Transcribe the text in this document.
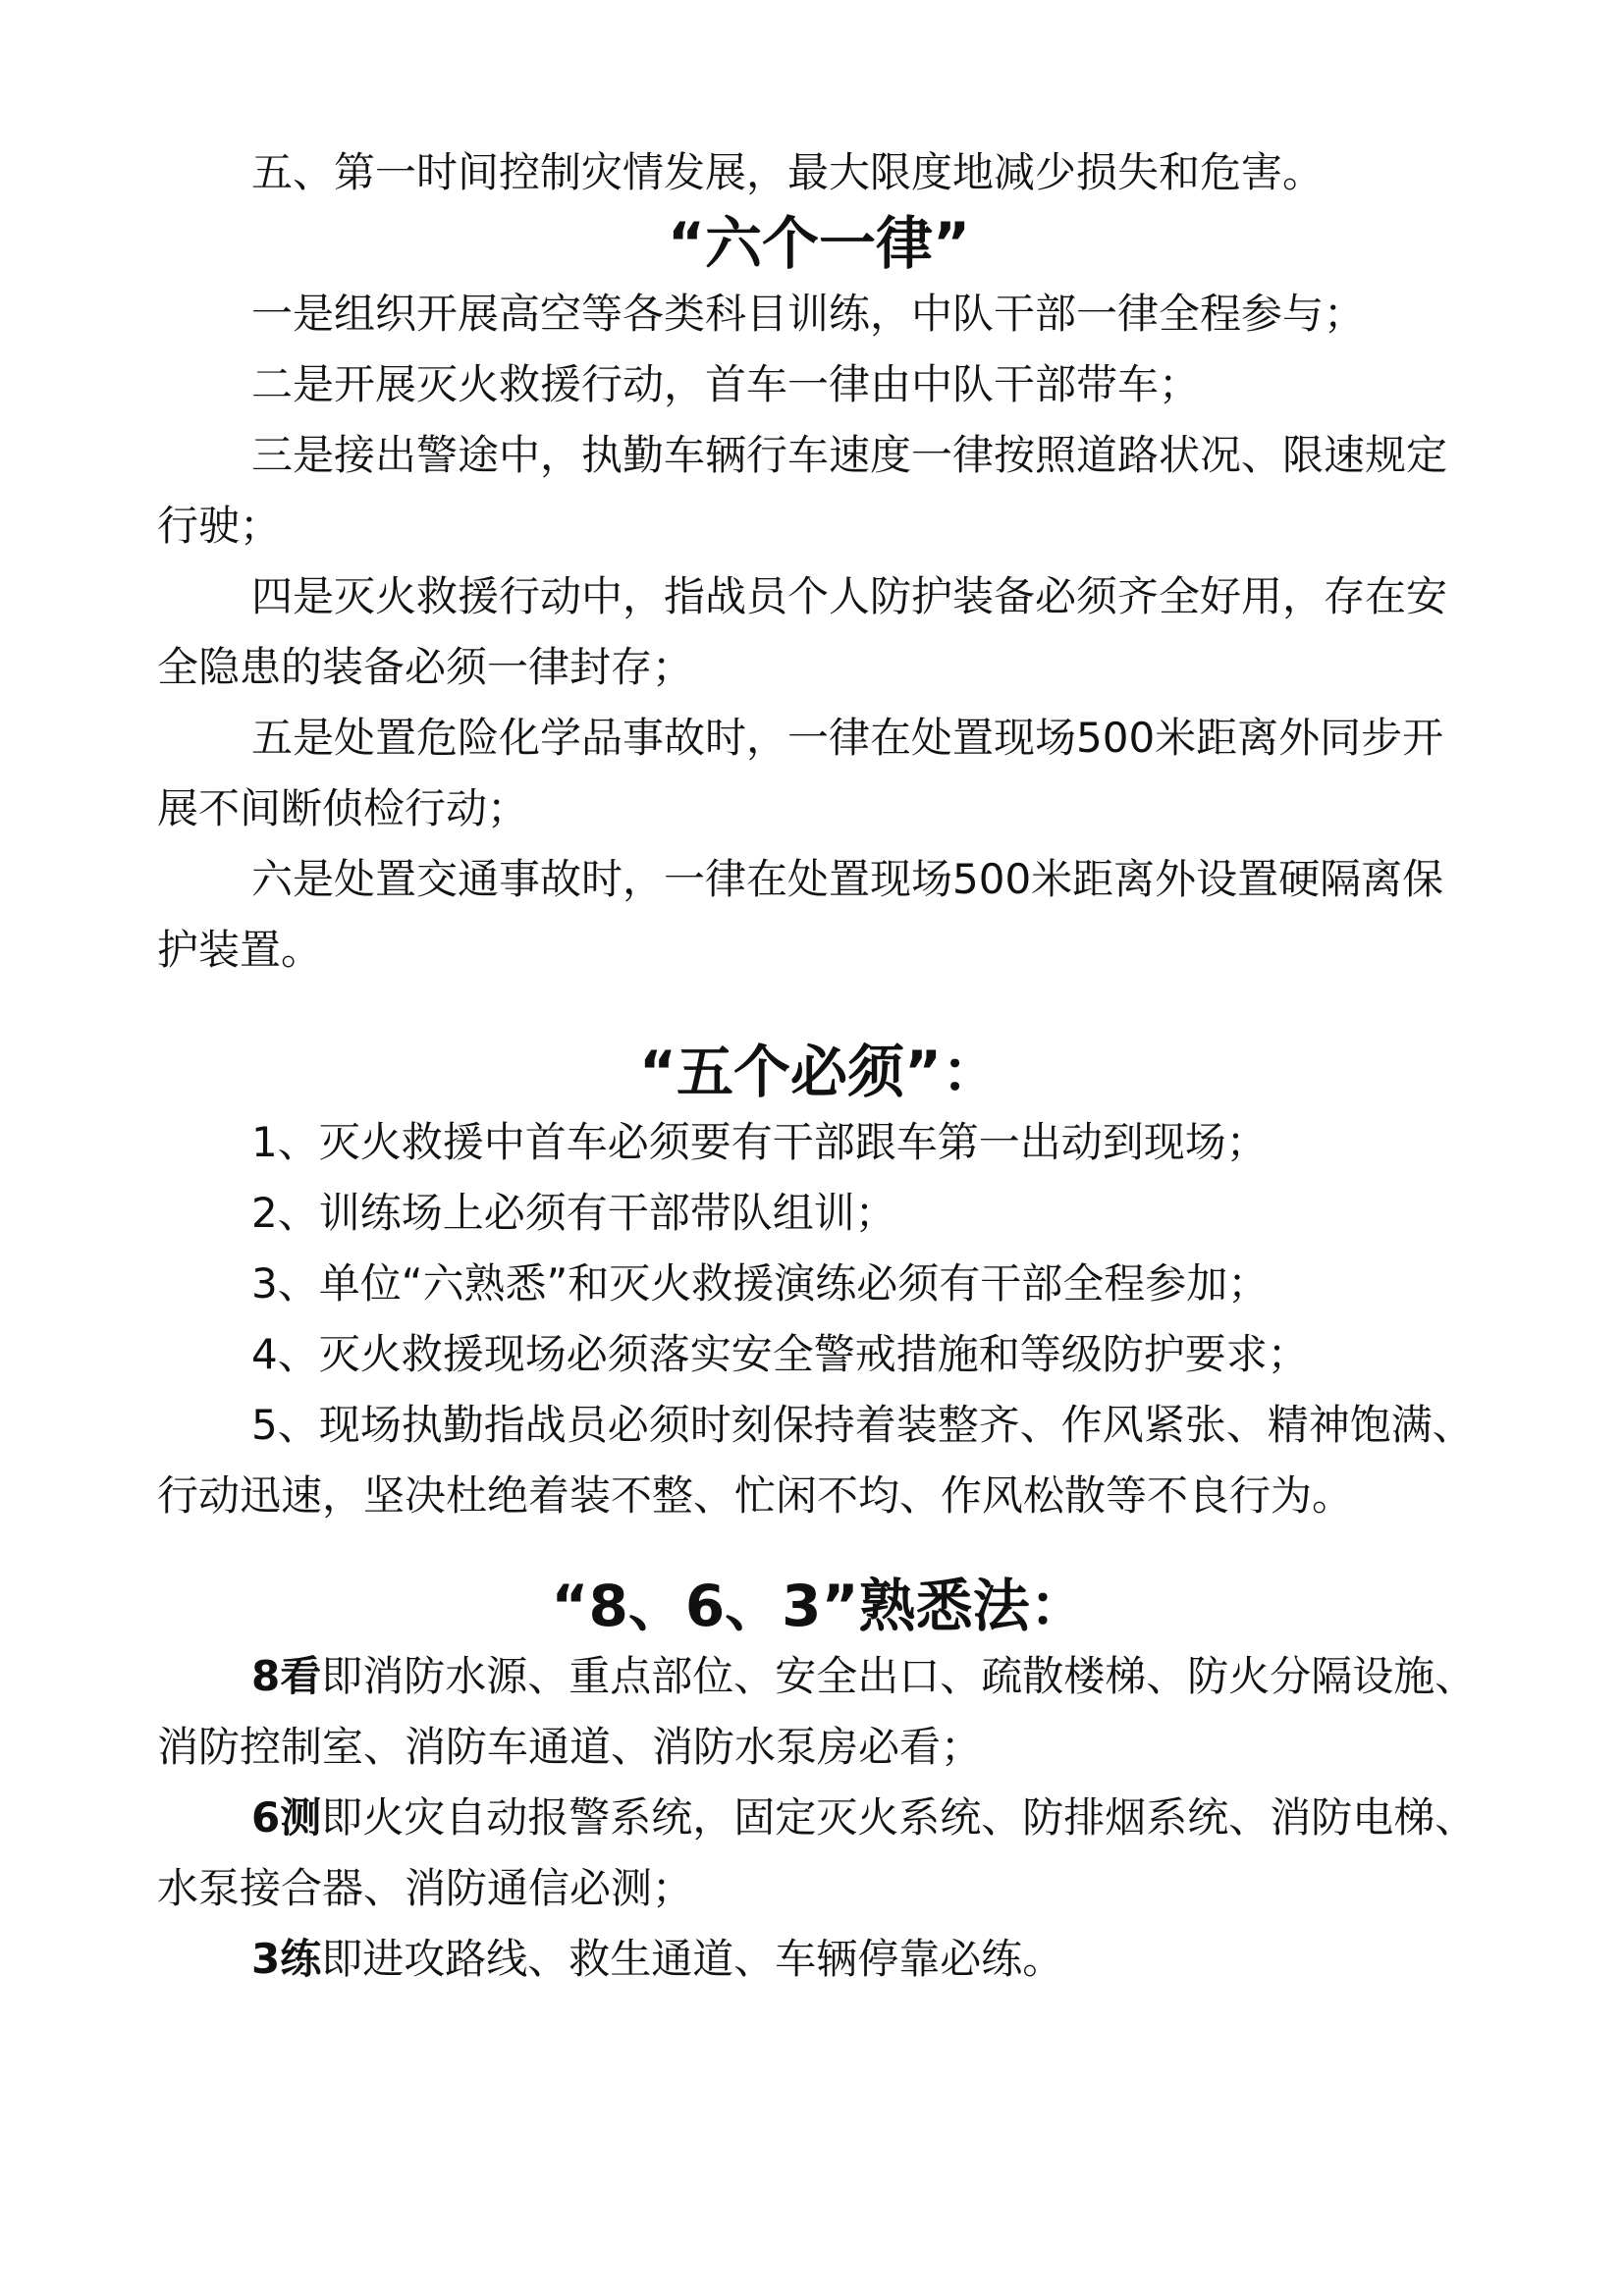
五、第一时间控制灾情发展，最大限度地减少损失和危害。

“六个一律”

一是组织开展高空等各类科目训练，中队干部一律全程参与；

二是开展灭火救援行动，首车一律由中队干部带车；

三是接出警途中，执勤车辆行车速度一律按照道路状况、限速规定行驶；

四是灭火救援行动中，指战员个人防护装备必须齐全好用，存在安全隐患的装备必须一律封存；

五是处置危险化学品事故时，一律在处置现场500米距离外同步开展不间断侦检行动；

六是处置交通事故时，一律在处置现场500米距离外设置硬隔离保护装置。

“五个必须”：

1、灭火救援中首车必须要有干部跟车第一出动到现场；

2、训练场上必须有干部带队组训；

3、单位“六熟悉”和灭火救援演练必须有干部全程参加；

4、灭火救援现场必须落实安全警戒措施和等级防护要求；

5、现场执勤指战员必须时刻保持着装整齐、作风紧张、精神饱满、行动迅速，坚决杜绝着装不整、忙闲不均、作风松散等不良行为。

“8、6、3”熟悉法：

8看即消防水源、重点部位、安全出口、疏散楼梯、防火分隔设施、消防控制室、消防车通道、消防水泵房必看；

6测即火灾自动报警系统，固定灭火系统、防排烟系统、消防电梯、水泵接合器、消防通信必测；

3练即进攻路线、救生通道、车辆停靠必练。
